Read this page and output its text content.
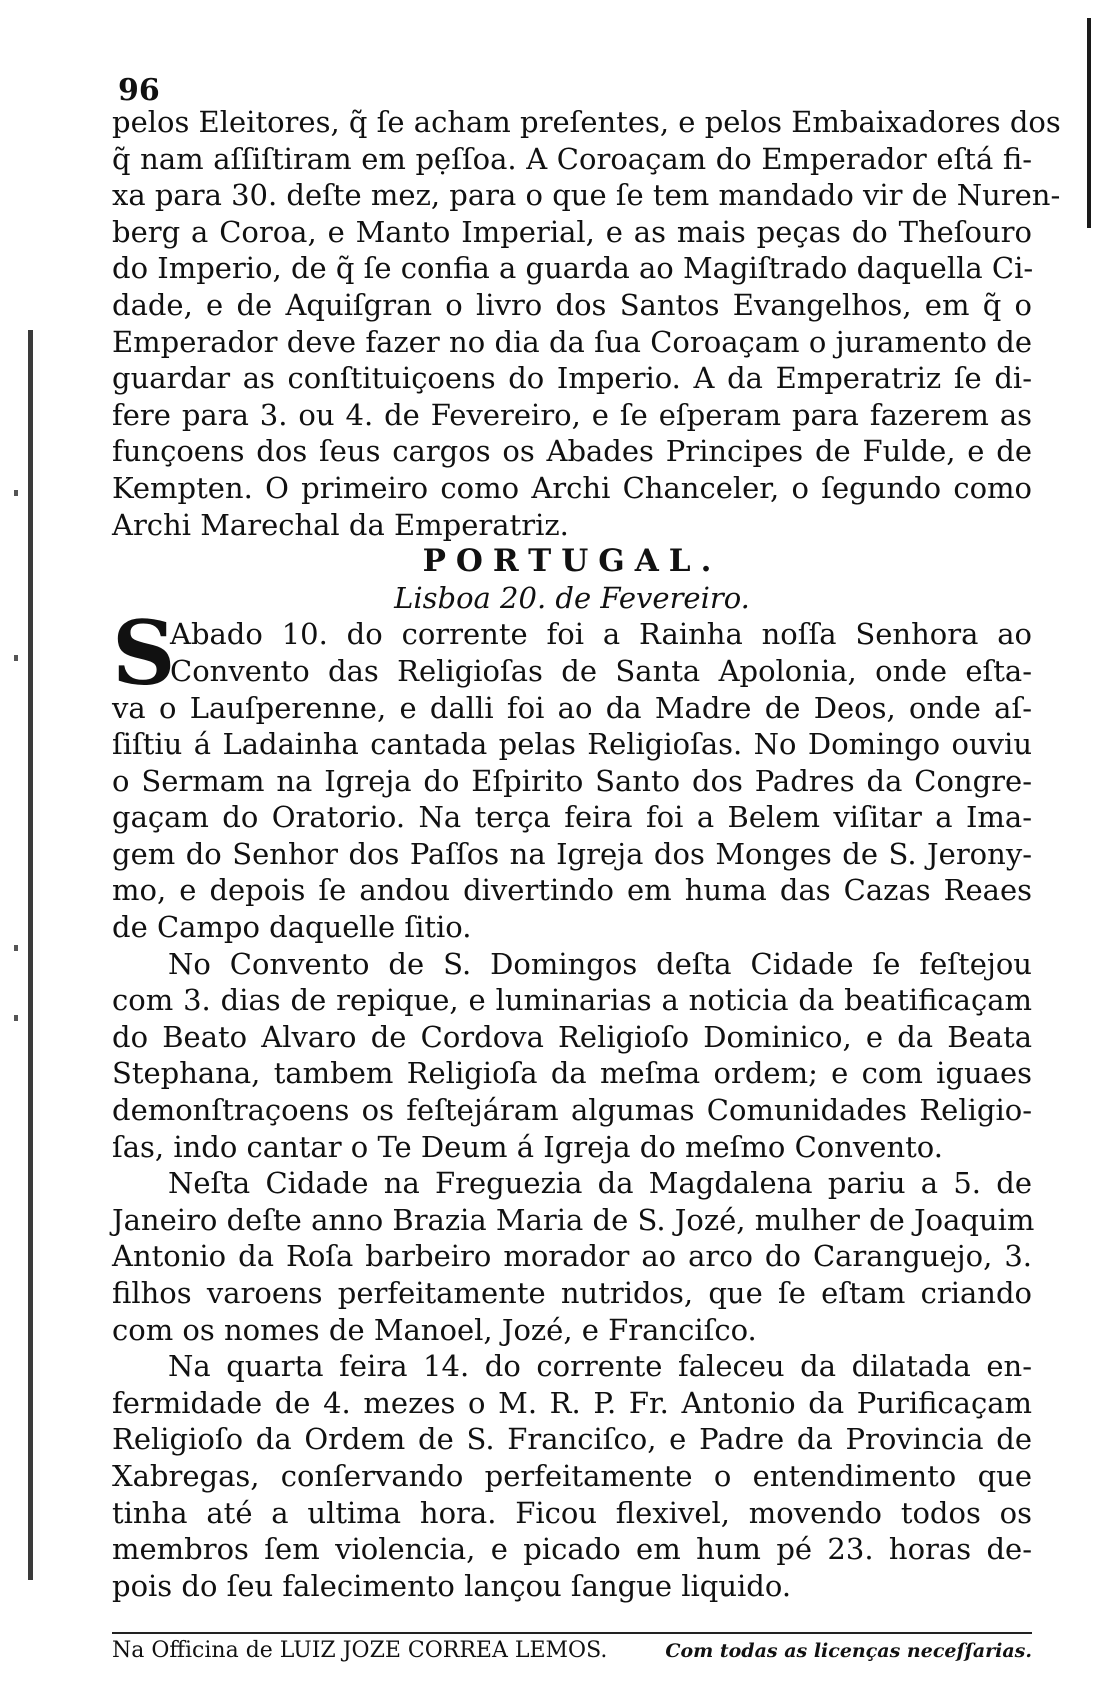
96
pelos Eleitores, q̃ ſe acham preſentes, e pelos Embaixadores dos
q̃ nam aſſiſtiram em pẹſſoa. A Coroaçam do Emperador eſtá fi-
xa para 30. deſte mez, para o que ſe tem mandado vir de Nuren-
berg a Coroa, e Manto Imperial, e as mais peças do Theſouro
do Imperio, de q̃ ſe confia a guarda ao Magiſtrado daquella Ci-
dade, e de Aquiſgran o livro dos Santos Evangelhos, em q̃ o
Emperador deve fazer no dia da ſua Coroaçam o juramento de
guardar as conſtituiçoens do Imperio. A da Emperatriz ſe di-
fere para 3. ou 4. de Fevereiro, e ſe eſperam para fazerem as
funçoens dos ſeus cargos os Abades Principes de Fulde, e de
Kempten. O primeiro como Archi Chanceler, o ſegundo como
Archi Marechal da Emperatriz.
PORTUGAL.
Lisboa 20. de Fevereiro.
S
Abado 10. do corrente foi a Rainha noſſa Senhora ao
Convento das Religioſas de Santa Apolonia, onde eſta-
va o Lauſperenne, e dalli foi ao da Madre de Deos, onde aſ-
ſiſtiu á Ladainha cantada pelas Religioſas. No Domingo ouviu
o Sermam na Igreja do Eſpirito Santo dos Padres da Congre-
gaçam do Oratorio. Na terça feira foi a Belem viſitar a Ima-
gem do Senhor dos Paſſos na Igreja dos Monges de S. Jerony-
mo, e depois ſe andou divertindo em huma das Cazas Reaes
de Campo daquelle ſitio.
No Convento de S. Domingos deſta Cidade ſe feſtejou
com 3. dias de repique, e luminarias a noticia da beatificaçam
do Beato Alvaro de Cordova Religioſo Dominico, e da Beata
Stephana, tambem Religioſa da meſma ordem; e com iguaes
demonſtraçoens os feſtejáram algumas Comunidades Religio-
ſas, indo cantar o Te Deum á Igreja do meſmo Convento.
Neſta Cidade na Freguezia da Magdalena pariu a 5. de
Janeiro deſte anno Brazia Maria de S. Jozé, mulher de Joaquim
Antonio da Roſa barbeiro morador ao arco do Caranguejo, 3.
filhos varoens perfeitamente nutridos, que ſe eſtam criando
com os nomes de Manoel, Jozé, e Franciſco.
Na quarta feira 14. do corrente faleceu da dilatada en-
fermidade de 4. mezes o M. R. P. Fr. Antonio da Purificaçam
Religioſo da Ordem de S. Franciſco, e Padre da Provincia de
Xabregas, conſervando perfeitamente o entendimento que
tinha até a ultima hora. Ficou flexivel, movendo todos os
membros ſem violencia, e picado em hum pé 23. horas de-
pois do ſeu falecimento lançou ſangue liquido.
Na Officina de LUIZ JOZE CORREA LEMOS.	Com todas as licenças neceſſarias.
